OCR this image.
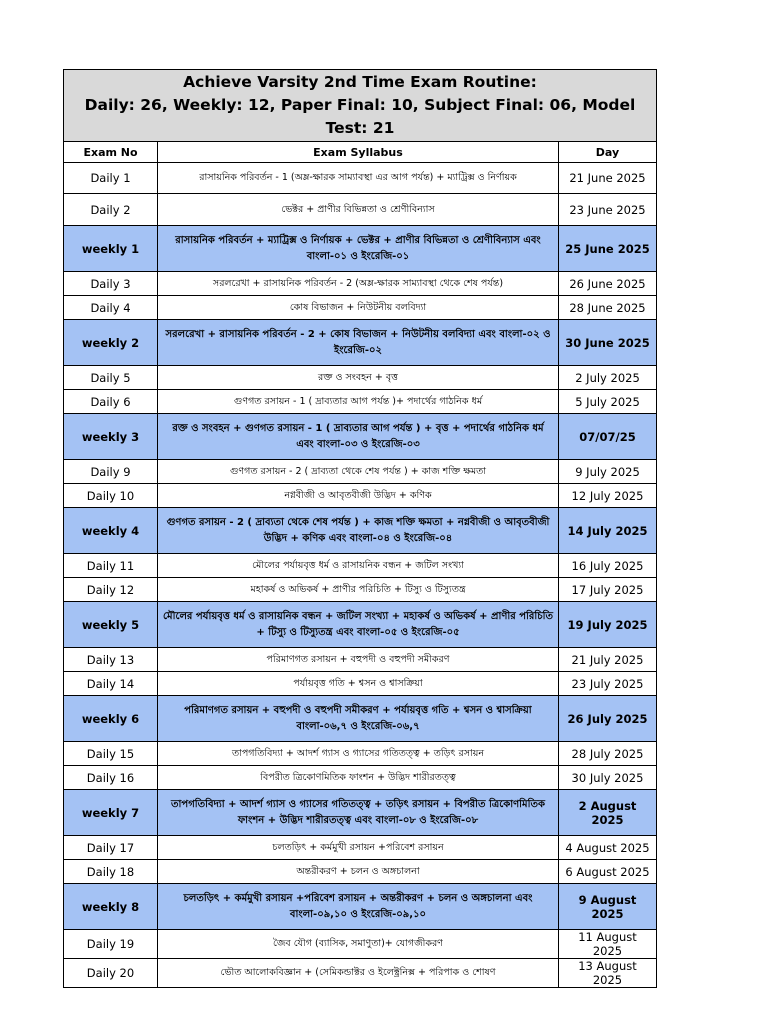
Achieve Varsity 2nd Time Exam Routine:
Daily: 26, Weekly: 12, Paper Final: 10, Subject Final: 06, Model Test: 21		

Exam No	Exam Syllabus	Day
Daily 1	রাসায়নিক পরিবর্তন - 1 (অম্ল-ক্ষারক সাম্যাবস্থা এর আগ পর্যন্ত) + ম্যাট্রিক্স ও নির্ণায়ক	21 June 2025
Daily 2	ভেক্টর + প্রাণীর বিভিন্নতা ও শ্রেণীবিন্যাস	23 June 2025
weekly 1	রাসায়নিক পরিবর্তন + ম্যাট্রিক্স ও নির্ণায়ক + ভেক্টর + প্রাণীর বিভিন্নতা ও শ্রেণীবিন্যাস এবং বাংলা-০১ ও ইংরেজি-০১	25 June 2025
Daily 3	সরলরেখা + রাসায়নিক পরিবর্তন - 2 (অম্ল-ক্ষারক সাম্যাবস্থা থেকে শেষ পর্যন্ত)	26 June 2025
Daily 4	কোষ বিভাজন + নিউটনীয় বলবিদ্যা	28 June 2025
weekly 2	সরলরেখা + রাসায়নিক পরিবর্তন - 2 + কোষ বিভাজন + নিউটনীয় বলবিদ্যা এবং বাংলা-০২ ও ইংরেজি-০২	30 June 2025
Daily 5	রক্ত ও সংবহন + বৃত্ত	2 July 2025
Daily 6	গুণগত রসায়ন - 1 ( দ্রাব্যতার আগ পর্যন্ত )+ পদার্থের গাঠনিক ধর্ম	5 July 2025
weekly 3	রক্ত ও সংবহন + গুণগত রসায়ন - 1 ( দ্রাব্যতার আগ পর্যন্ত ) + বৃত্ত + পদার্থের গাঠনিক ধর্ম এবং বাংলা-০৩ ও ইংরেজি-০৩	07/07/25
Daily 9	গুণগত রসায়ন - 2 ( দ্রাব্যতা থেকে শেষ পর্যন্ত ) + কাজ শক্তি ক্ষমতা	9 July 2025
Daily 10	নগ্নবীজী ও আবৃতবীজী উদ্ভিদ + কণিক	12 July 2025
weekly 4	গুণগত রসায়ন - 2 ( দ্রাব্যতা থেকে শেষ পর্যন্ত ) + কাজ শক্তি ক্ষমতা + নগ্নবীজী ও আবৃতবীজী উদ্ভিদ + কণিক এবং বাংলা-০৪ ও ইংরেজি-০৪	14 July 2025
Daily 11	মৌলের পর্যায়বৃত্ত ধর্ম ও রাসায়নিক বন্ধন + জটিল সংখ্যা	16 July 2025
Daily 12	মহাকর্ষ ও অভিকর্ষ + প্রাণীর পরিচিতি + টিস্যু ও টিস্যুতন্ত্র	17 July 2025
weekly 5	মৌলের পর্যায়বৃত্ত ধর্ম ও রাসায়নিক বন্ধন + জটিল সংখ্যা + মহাকর্ষ ও অভিকর্ষ + প্রাণীর পরিচিতি + টিস্যু ও টিস্যুতন্ত্র এবং বাংলা-০৫ ও ইংরেজি-০৫	19 July 2025
Daily 13	পরিমাণগত রসায়ন + বহুপদী ও বহুপদী সমীকরণ	21 July 2025
Daily 14	পর্যায়বৃত্ত গতি + শ্বসন ও শ্বাসক্রিয়া	23 July 2025
weekly 6	পরিমাণগত রসায়ন + বহুপদী ও বহুপদী সমীকরণ + পর্যায়বৃত্ত গতি + শ্বসন ও শ্বাসক্রিয়া বাংলা-০৬,৭ ও ইংরেজি-০৬,৭	26 July 2025
Daily 15	তাপগতিবিদ্যা + আদর্শ গ্যাস ও গ্যাসের গতিতত্ত্ব + তড়িৎ রসায়ন	28 July 2025
Daily 16	বিপরীত ত্রিকোণমিতিক ফাংশন + উদ্ভিদ শারীরতত্ত্ব	30 July 2025
weekly 7	তাপগতিবিদ্যা + আদর্শ গ্যাস ও গ্যাসের গতিতত্ত্ব + তড়িৎ রসায়ন + বিপরীত ত্রিকোণমিতিক ফাংশন + উদ্ভিদ শারীরতত্ত্ব এবং বাংলা-০৮ ও ইংরেজি-০৮	2 August 2025
Daily 17	চলতড়িৎ + কর্মমুখী রসায়ন +পরিবেশ রসায়ন	4 August 2025
Daily 18	অন্তরীকরণ + চলন ও অঙ্গচালনা	6 August 2025
weekly 8	চলতড়িৎ + কর্মমুখী রসায়ন +পরিবেশ রসায়ন + অন্তরীকরণ + চলন ও অঙ্গচালনা এবং বাংলা-০৯,১০ ও ইংরেজি-০৯,১০	9 August 2025
Daily 19	জৈব যৌগ (ব্যাসিক, সমাণুতা)+ যোগজীকরণ	11 August 2025
Daily 20	ভৌত আলোকবিজ্ঞান + (সেমিকন্ডাক্টর ও ইলেক্ট্রনিক্স + পরিপাক ও শোষণ	13 August 2025
